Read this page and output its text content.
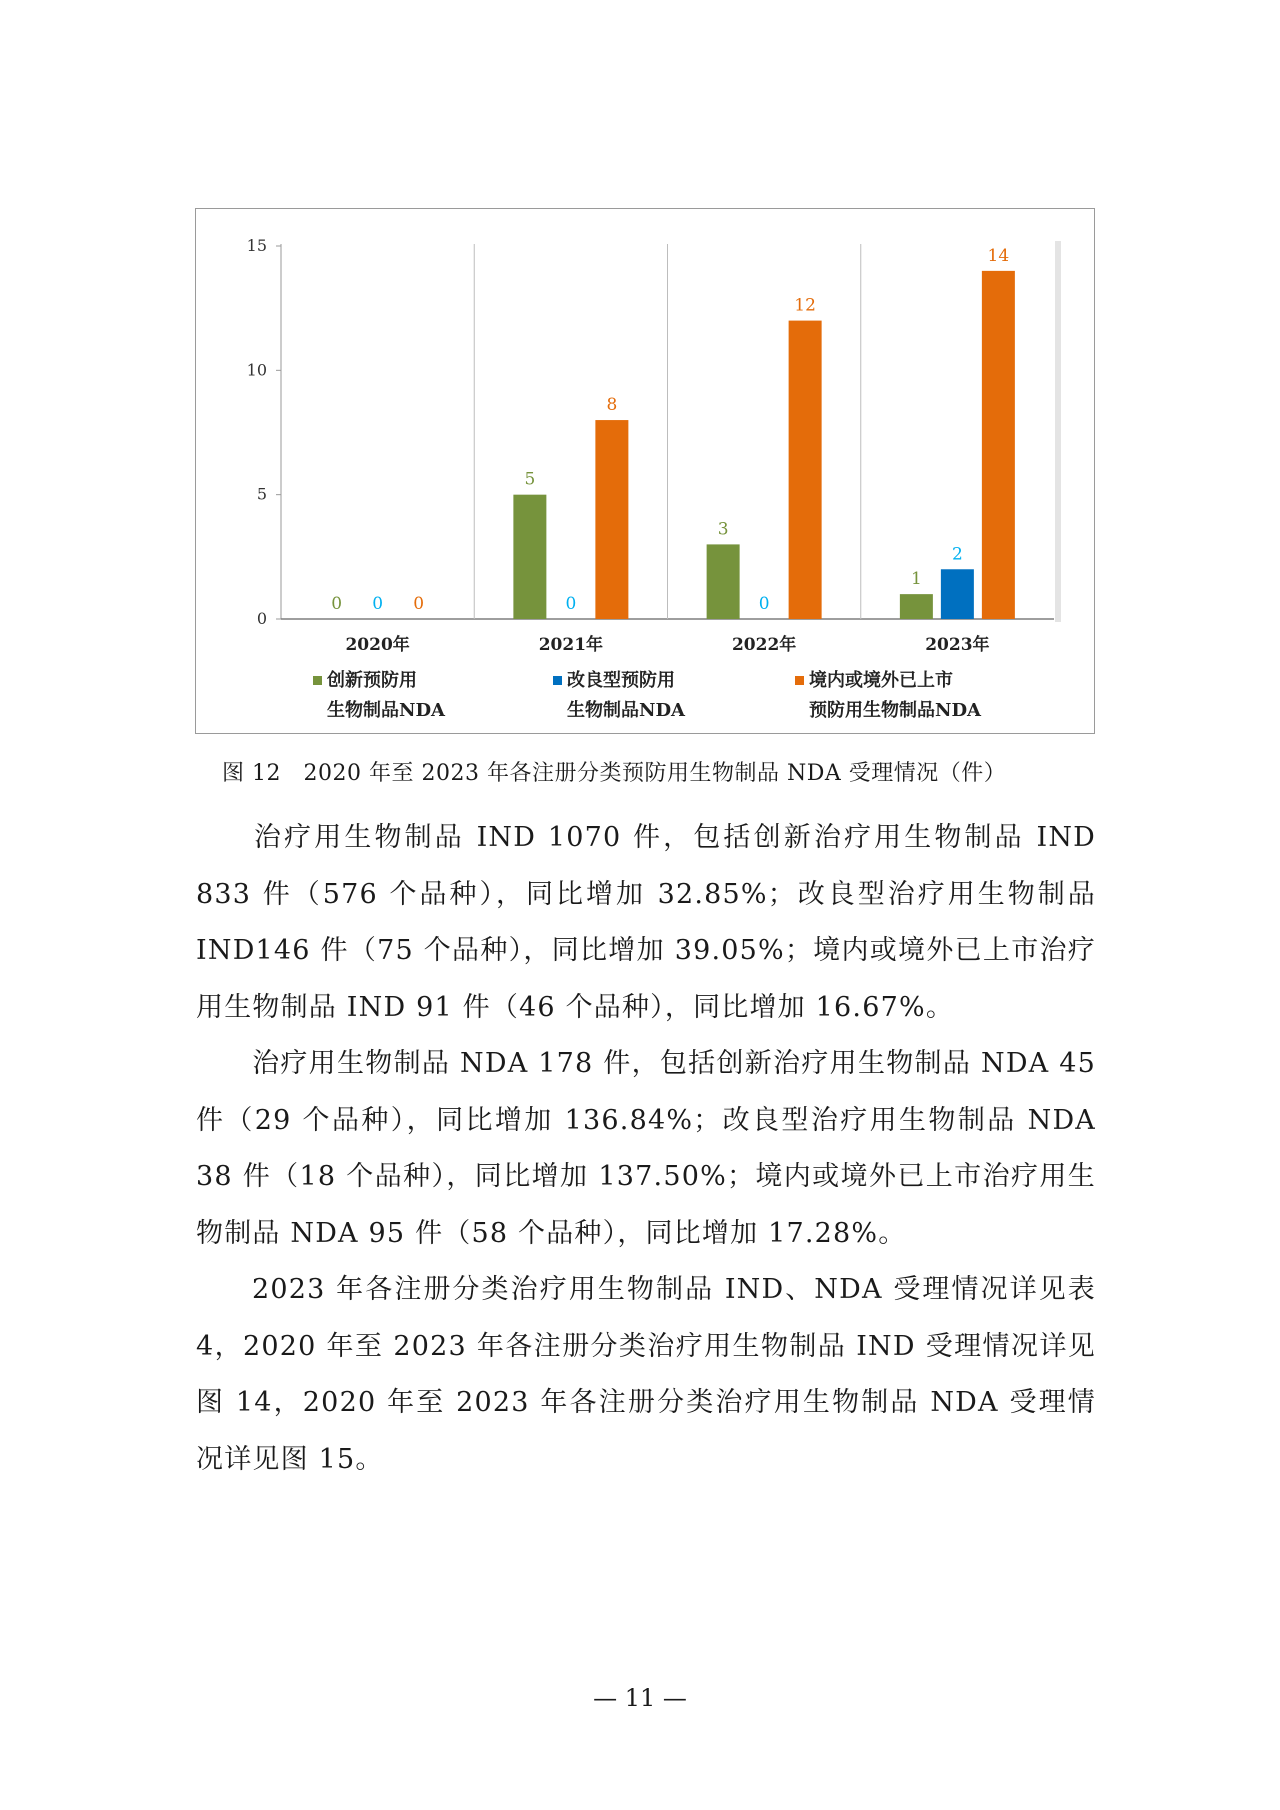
0
5
10
15
0 0 0
2020年
5
0
8
2021年
3
0
12
2022年
1
2
14
2023年
创新预防用
生物制品NDA
改良型预防用
生物制品NDA
境内或境外已上市
预防用生物制品NDA
图 12　2020 年至 2023 年各注册分类预防用生物制品 NDA 受理情况（件）
治疗用生物制品 IND 1070 件，包括创新治疗用生物制品 IND 833 件（576 个品种），同比增加 32.85%；改良型治疗用生物制品 IND146 件（75 个品种），同比增加 39.05%；境内或境外已上市治疗用生物制品 IND 91 件（46 个品种），同比增加 16.67%。
治疗用生物制品 NDA 178 件，包括创新治疗用生物制品 NDA 45 件（29 个品种），同比增加 136.84%；改良型治疗用生物制品 NDA 38 件（18 个品种），同比增加 137.50%；境内或境外已上市治疗用生物制品 NDA 95 件（58 个品种），同比增加 17.28%。
2023 年各注册分类治疗用生物制品 IND、NDA 受理情况详见表 4，2020 年至 2023 年各注册分类治疗用生物制品 IND 受理情况详见图 14，2020 年至 2023 年各注册分类治疗用生物制品 NDA 受理情况详见图 15。
— 11 —
